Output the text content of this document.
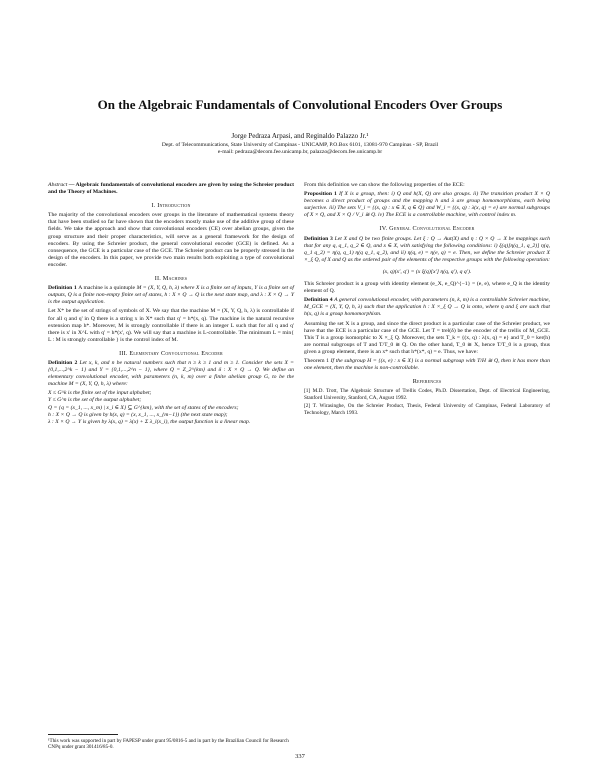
On the Algebraic Fundamentals of Convolutional Encoders Over Groups
Jorge Pedraza Arpasi, and Reginaldo Palazzo Jr.¹
Dept. of Telecommunications, State University of Campinas - UNICAMP, P.O.Box 6101, 13081-970 Campinas - SP, Brazil
e-mail: pedraza@decom.fee.unicamp.br, palazzo@decom.fee.unicamp.br

Abstract — Algebraic fundamentals of convolutional encoders are given by using the Schreier product and the Theory of Machines.

I. Introduction

The majority of the convolutional encoders over groups in the literature of mathematical systems theory that have been studied so far have shown that the encoders mostly make use of the additive group of these fields. We take the approach and show that convolutional encoders (CE) over abelian groups, given the group structure and their proper characteristics, will serve as a general framework for the design of encoders. By using the Schreier product, the general convolutional encoder (GCE) is defined. As a consequence, the GCE is a particular case of the GCE. The Schreier product can be properly stressed in the design of the encoders. In this paper, we provide two main results both exploiting a type of convolutional encoder.

II. Machines

Definition 1 A machine is a quintuple M = (X, Y, Q, h, λ) where X is a finite set of inputs, Y is a finite set of outputs, Q is a finite non-empty finite set of states, h : X × Q → Q is the next state map, and λ : X × Q → Y is the output application.

Let X* be the set of strings of symbols of X. We say that the machine M = (X, Y, Q, h, λ) is controllable if for all q and q' in Q there is a string x in X* such that q' = h*(x, q). The machine is the natural recursive extension map h*. Moreover, M is strongly controllable if there is an integer L such that for all q and q' there is x' in X^L with q' = h*(x', q). We will say that a machine is L-controllable. The minimum L = min{ L : M is strongly controllable } is the control index of M.

III. Elementary Convolutional Encoder

Definition 2 Let x, k, and n be natural numbers such that n ≥ k ≥ 1 and m ≥ 1. Consider the sets X = {0,1,...,2^k − 1} and Y = {0,1,...,2^n − 1}, where Q = Z_2^{km} and δ : X × Q → Q. We define an elementary convolutional encoder, with parameters (n, k, m) over a finite abelian group G, to be the machine M = (X, Y, Q, h, λ) where:

X ≤ G^k is the finite set of the input alphabet;

Y ≤ G^n is the set of the output alphabet;

Q = {q = (x_1, ..., x_m) | x_i ∈ X} ⊆ G^{km}, with the set of states of the encoders;

h : X × Q → Q is given by h(x, q) = (x, x_1, ..., x_{m−1}) (the next state map);

λ : X × Q → Y is given by λ(x, q) = λ(x) + Σ λ_i(x_i), the output function is a linear map.

¹This work was supported in part by FAPESP under grant 95/0816-5 and in part by the Brazilian Council for Research CNPq under grant 301416/85-0.

From this definition we can show the following properties of the ECE:

Proposition 1 If X is a group, then: i) Q and h(X, Q) are also groups. ii) The transition product X × Q becomes a direct product of groups and the mapping h and λ are group homomorphisms, each being surjective. iii) The sets V_i = {(x, q) : x ∈ X, q ∈ Q} and W_i = {(x, q) : λ(x, q) = e} are normal subgroups of X × Q, and X × Q / V_i ≅ Q. iv) The ECE is a controllable machine, with control index m.

IV. General Convolutional Encoder

Definition 3 Let X and Q be two finite groups. Let ξ : Q → Aut(X) and η : Q × Q → X be mappings such that for any q, q_1, q_2 ∈ Q, and x ∈ X, with satisfying the following conditions: i) ξ(q)[η(q_1, q_2)] η(q, q_1 q_2) = η(q, q_1) η(q q_1, q_2), and ii) η(q, e) = η(e, q) = e. Then, we define the Schreier product X ×_ξ Q, of X and Q as the ordered pair of the elements of the respective groups with the following operation:

(x, q)(x′, q′) = (x ξ(q)[x′] η(q, q′), q q′).

This Schreier product is a group with identity element (e_X, e_Q)^{−1} = (e, e), where e_Q is the identity element of Q.

Definition 4 A general convolutional encoder, with parameters (n, k, m) is a controllable Schreier machine, M_GCE = (X, Y, Q, h, λ) such that the application h : X ×_ξ Q → Q is onto, where η and ξ are such that h(x, q) is a group homomorphism.

Assuming the set X is a group, and since the direct product is a particular case of the Schreier product, we have that the ECE is a particular case of the GCE. Let T = trel(δ) be the encoder of the trellis of M_GCE. This T is a group isomorphic to X ×_ξ Q. Moreover, the sets T_k = {(x, q) : λ(x, q) = e} and T_0 = ker(h) are normal subgroups of T and T/T_0 ≅ Q. On the other hand, T_0 ≅ X, hence T/T_0 is a group, thus given a group element, there is an x* such that h*(x*, q) = e. Thus, we have:

Theorem 1 If the subgroup H = {(x, e) : x ∈ X} is a normal subgroup with T/H ≅ Q, then it has more than one element, then the machine is non-controllable.

References

[1] M.D. Trott, The Algebraic Structure of Trellis Codes, Ph.D. Dissertation, Dept. of Electrical Engineering, Stanford University, Stanford, CA, August 1992.

[2] T. Wirasinghe, On the Schreier Product, Thesis, Federal University of Campinas, Federal Laboratory of Technology, March 1993.

337
